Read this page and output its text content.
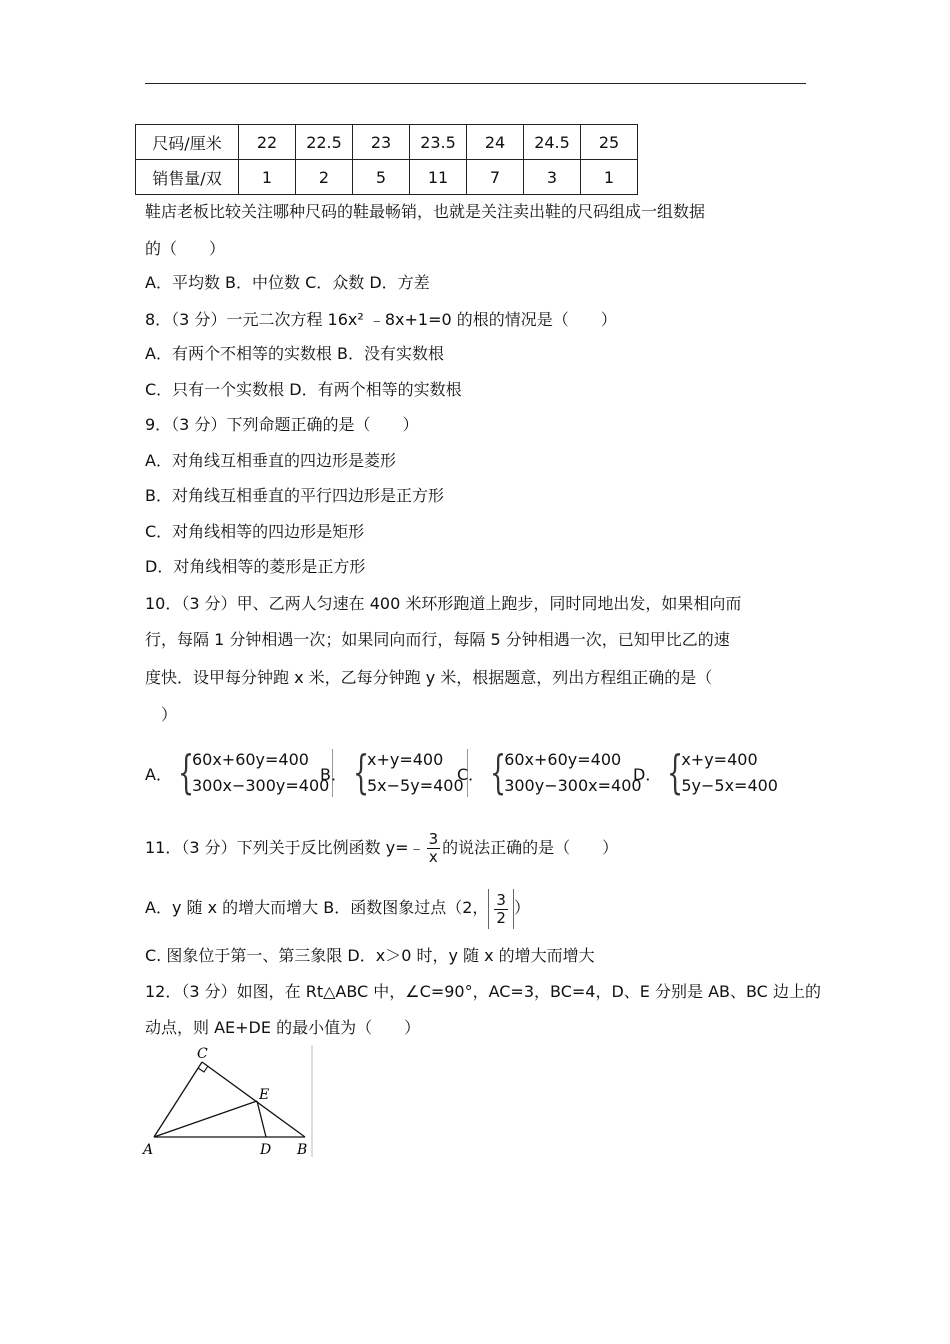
尺码/厘米	22	22.5	23	23.5	24	24.5	25
销售量/双	1	2	5	11	7	3	1
鞋店老板比较关注哪种尺码的鞋最畅销，也就是关注卖出鞋的尺码组成一组数据
的（　　）
A．平均数 B．中位数 C．众数 D．方差
8．（3 分）一元二次方程 16x² ﹣8x+1=0 的根的情况是（　　）
A．有两个不相等的实数根 B．没有实数根
C．只有一个实数根 D．有两个相等的实数根
9．（3 分）下列命题正确的是（　　）
A．对角线互相垂直的四边形是菱形
B．对角线互相垂直的平行四边形是正方形
C．对角线相等的四边形是矩形
D．对角线相等的菱形是正方形
10．（3 分）甲、乙两人匀速在 400 米环形跑道上跑步，同时同地出发，如果相向而
行，每隔 1 分钟相遇一次；如果同向而行，每隔 5 分钟相遇一次，已知甲比乙的速
度快．设甲每分钟跑 x 米，乙每分钟跑 y 米，根据题意，列出方程组正确的是（
　）
A． {
60x+60y=400
300x−300y=400
B． {
x+y=400
5x−5y=400
C． {
60x+60y=400
300y−300x=400
D． {
x+y=400
5y−5x=400
11．（3 分）下列关于反比例函数 y=﹣ $\frac{3}{x}$ 的说法正确的是（　　）
A．y 随 x 的增大而增大 B．函数图象过点（2， $\frac{3}{2}$ ）
C. 图象位于第一、第三象限 D．x＞0 时，y 随 x 的增大而增大
12．（3 分）如图，在 Rt△ABC 中，∠C=90°，AC=3，BC=4，D、E 分别是 AB、BC 边上的
动点，则 AE+DE 的最小值为（　　）
C
E
A	D B
